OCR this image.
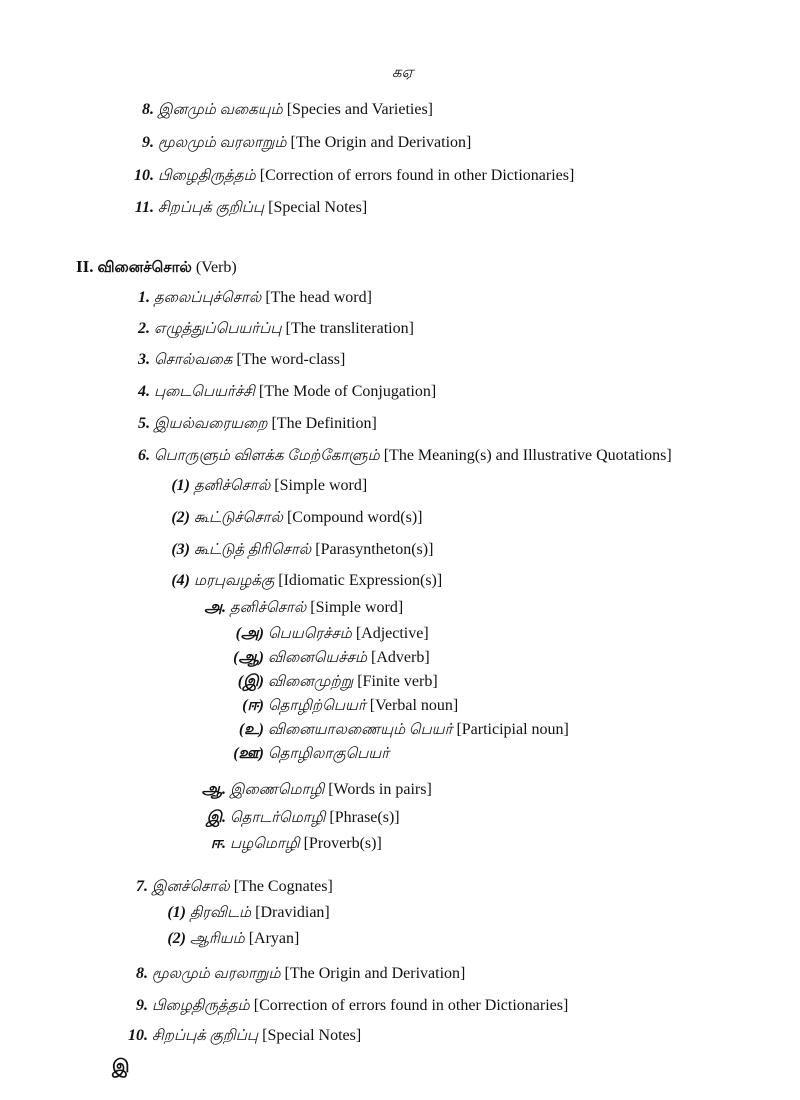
கஏ
8. இனமும் வகையும் [Species and Varieties]
9. மூலமும் வரலாறும் [The Origin and Derivation]
10. பிழைதிருத்தம் [Correction of errors found in other Dictionaries]
11. சிறப்புக் குறிப்பு [Special Notes]
II. வினைச்சொல் (Verb)
1. தலைப்புச்சொல் [The head word]
2. எழுத்துப்பெயர்ப்பு [The transliteration]
3. சொல்வகை [The word-class]
4. புடைபெயர்ச்சி [The Mode of Conjugation]
5. இயல்வரையறை [The Definition]
6. பொருளும் விளக்க மேற்கோளும் [The Meaning(s) and Illustrative Quotations]
(1) தனிச்சொல் [Simple word]
(2) கூட்டுச்சொல் [Compound word(s)]
(3) கூட்டுத் திரிசொல் [Parasyntheton(s)]
(4) மரபுவழக்கு [Idiomatic Expression(s)]
அ. தனிச்சொல் [Simple word]
(அ) பெயரெச்சம் [Adjective]
(ஆ) வினையெச்சம் [Adverb]
(இ) வினைமுற்று [Finite verb]
(ஈ) தொழிற்பெயர் [Verbal noun]
(உ) வினையாலணையும் பெயர் [Participial noun]
(ஊ) தொழிலாகுபெயர்
ஆ. இணைமொழி [Words in pairs]
இ. தொடர்மொழி [Phrase(s)]
ஈ. பழமொழி [Proverb(s)]
7. இனச்சொல் [The Cognates]
(1) திரவிடம் [Dravidian]
(2) ஆரியம் [Aryan]
8. மூலமும் வரலாறும் [The Origin and Derivation]
9. பிழைதிருத்தம் [Correction of errors found in other Dictionaries]
10. சிறப்புக் குறிப்பு [Special Notes]
இ
